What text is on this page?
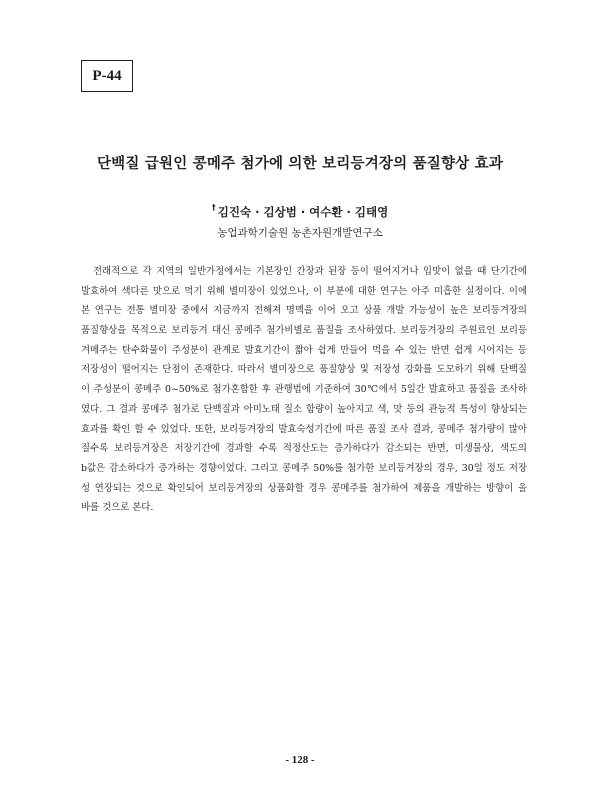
P-44
단백질 급원인 콩메주 첨가에 의한 보리등겨장의 품질향상 효과
† 김진숙 · 김상범 · 여수환 · 김태영
농업과학기술원 농촌자원개발연구소
전래적으로 각 지역의 일반가정에서는 기본장인 간장과 된장 등이 떨어지거나 입맛이 없을 때 단기간에
발효하여 색다른 맛으로 먹기 위해 별미장이 있었으나, 이 부분에 대한 연구는 아주 미흡한 실정이다. 이에
본 연구는 전통 별미장 중에서 지금까지 전해져 명맥을 이어 오고 상품 개발 가능성이 높은 보리등겨장의
품질향상을 목적으로 보리등겨 대신 콩메주 첨가비별로 품질을 조사하였다. 보리등겨장의 주원료인 보리등
겨메주는 탄수화물이 주성분이 관계로 발효기간이 짧아 쉽게 만들어 먹을 수 있는 반면 쉽게 시어지는 등
저장성이 떨어지는 단점이 존재한다. 따라서 별미장으로 품질향상 및 저장성 강화를 도모하기 위해 단백질
이 주성분이 콩메주 0~50%로 첨가혼합한 후 관행법에 기준하여 30℃에서 5일간 발효하고 품질을 조사하
였다. 그 결과 콩메주 첨가로 단백질과 아미노태 질소 함량이 높아지고 색, 맛 등의 관능적 특성이 향상되는
효과를 확인 할 수 있었다. 또한, 보리등겨장의 발효숙성기간에 따른 품질 조사 결과, 콩메주 첨가량이 많아
질수록 보리등겨장은 저장기간에 경과할 수록 적정산도는 증가하다가 감소되는 반면, 미생물상, 색도의
b값은 감소하다가 증가하는 경향이었다. 그리고 콩메주 50%를 첨가한 보리등겨장의 경우, 30일 정도 저장
성 연장되는 것으로 확인되어 보리등겨장의 상품화할 경우 콩메주를 첨가하여 제품을 개발하는 방향이 올
바를 것으로 본다.
- 128 -
